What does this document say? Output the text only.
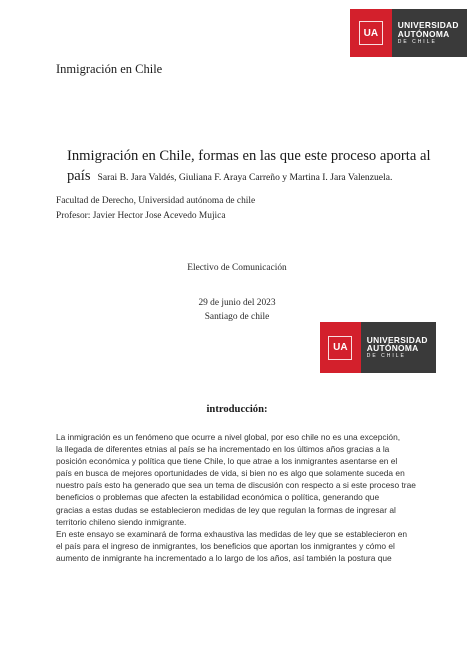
UA
UNIVERSIDAD
AUTÓNOMA
DE CHILE
Inmigración en Chile
Inmigración en Chile, formas en las que este proceso aporta al
país Sarai B. Jara Valdés, Giuliana F. Araya Carreño y Martina I. Jara Valenzuela.
Facultad de Derecho, Universidad autónoma de chile
Profesor: Javier Hector Jose Acevedo Mujica
Electivo de Comunicación
29 de junio del 2023
Santiago de chile
UA
UNIVERSIDAD
AUTÓNOMA
DE CHILE
introducción:
La inmigración es un fenómeno que ocurre a nivel global, por eso chile no es una excepción,
la llegada de diferentes etnias al país se ha incrementado en los últimos años gracias a la
posición económica y política que tiene Chile, lo que atrae a los inmigrantes asentarse en el
país en busca de mejores oportunidades de vida, si bien no es algo que solamente suceda en
nuestro país esto ha generado que sea un tema de discusión con respecto a si este proceso trae
beneficios o problemas que afecten la estabilidad económica o política, generando que
gracias a estas dudas se establecieron medidas de ley que regulan la formas de ingresar al
territorio chileno siendo inmigrante.
En este ensayo se examinará de forma exhaustiva las medidas de ley que se establecieron en
el país para el ingreso de inmigrantes, los beneficios que aportan los inmigrantes y cómo el
aumento de inmigrante ha incrementado a lo largo de los años, así también la postura que
